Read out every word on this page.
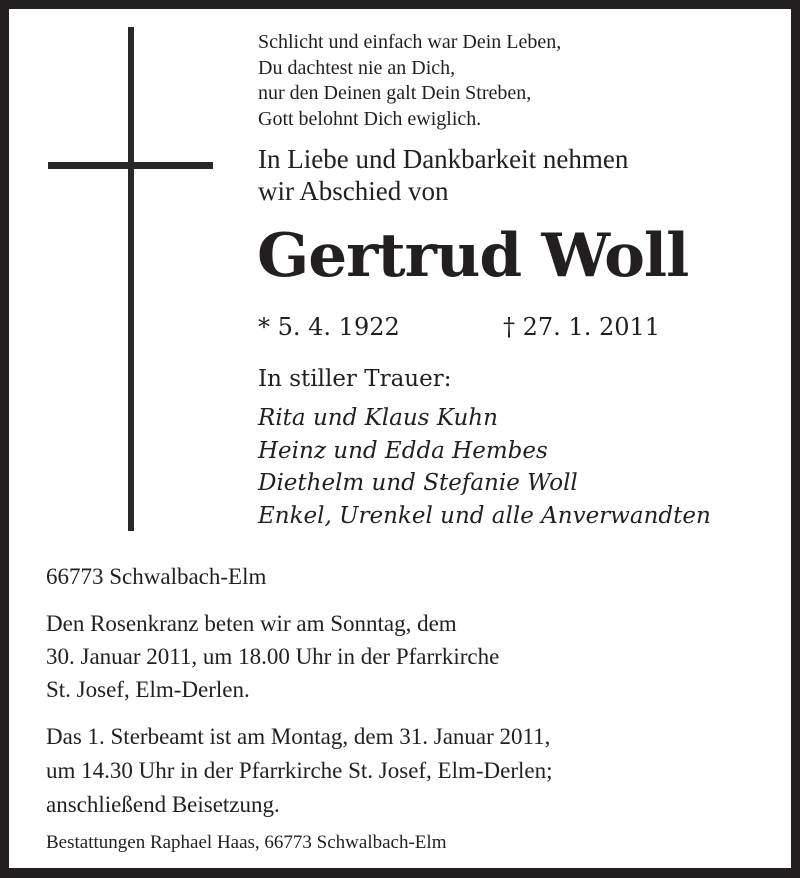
Schlicht und einfach war Dein Leben,
Du dachtest nie an Dich,
nur den Deinen galt Dein Streben,
Gott belohnt Dich ewiglich.
In Liebe und Dankbarkeit nehmen
wir Abschied von
Gertrud Woll
* 5. 4. 1922	† 27. 1. 2011
In stiller Trauer:
Rita und Klaus Kuhn
Heinz und Edda Hembes
Diethelm und Stefanie Woll
Enkel, Urenkel und alle Anverwandten
66773 Schwalbach-Elm
Den Rosenkranz beten wir am Sonntag, dem
30. Januar 2011, um 18.00 Uhr in der Pfarrkirche
St. Josef, Elm-Derlen.
Das 1. Sterbeamt ist am Montag, dem 31. Januar 2011,
um 14.30 Uhr in der Pfarrkirche St. Josef, Elm-Derlen;
anschließend Beisetzung.
Bestattungen Raphael Haas, 66773 Schwalbach-Elm
